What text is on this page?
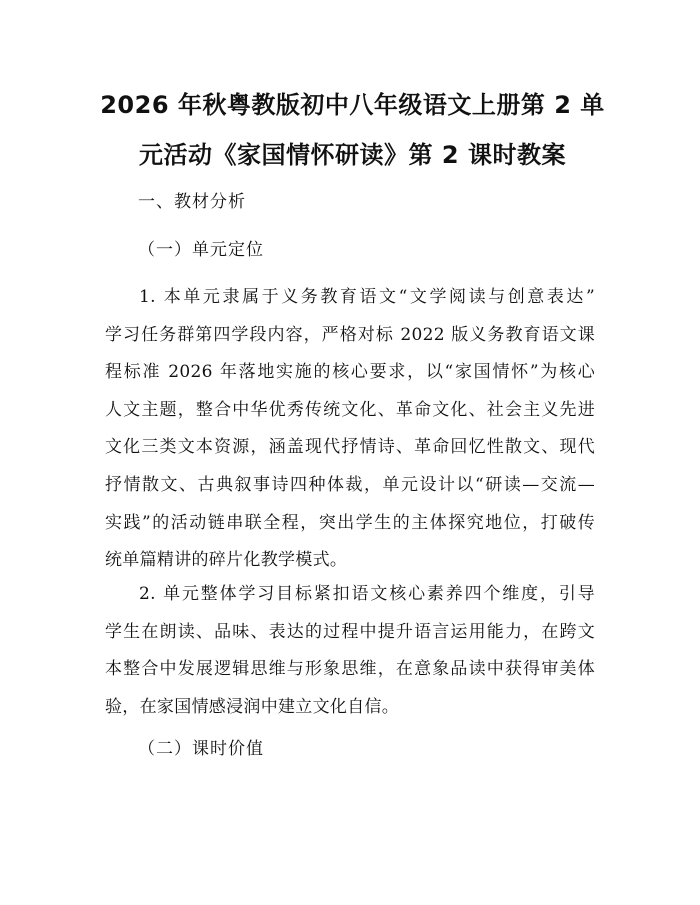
2026 年秋粤教版初中八年级语文上册第 2 单
元活动《家国情怀研读》第 2 课时教案

一、教材分析

（一）单元定位

1. 本单元隶属于义务教育语文“文学阅读与创意表达”
学习任务群第四学段内容，严格对标 2022 版义务教育语文课
程标准 2026 年落地实施的核心要求，以“家国情怀”为核心
人文主题，整合中华优秀传统文化、革命文化、社会主义先进
文化三类文本资源，涵盖现代抒情诗、革命回忆性散文、现代
抒情散文、古典叙事诗四种体裁，单元设计以“研读—交流—
实践”的活动链串联全程，突出学生的主体探究地位，打破传
统单篇精讲的碎片化教学模式。

2. 单元整体学习目标紧扣语文核心素养四个维度，引导
学生在朗读、品味、表达的过程中提升语言运用能力，在跨文
本整合中发展逻辑思维与形象思维，在意象品读中获得审美体
验，在家国情感浸润中建立文化自信。

（二）课时价值
